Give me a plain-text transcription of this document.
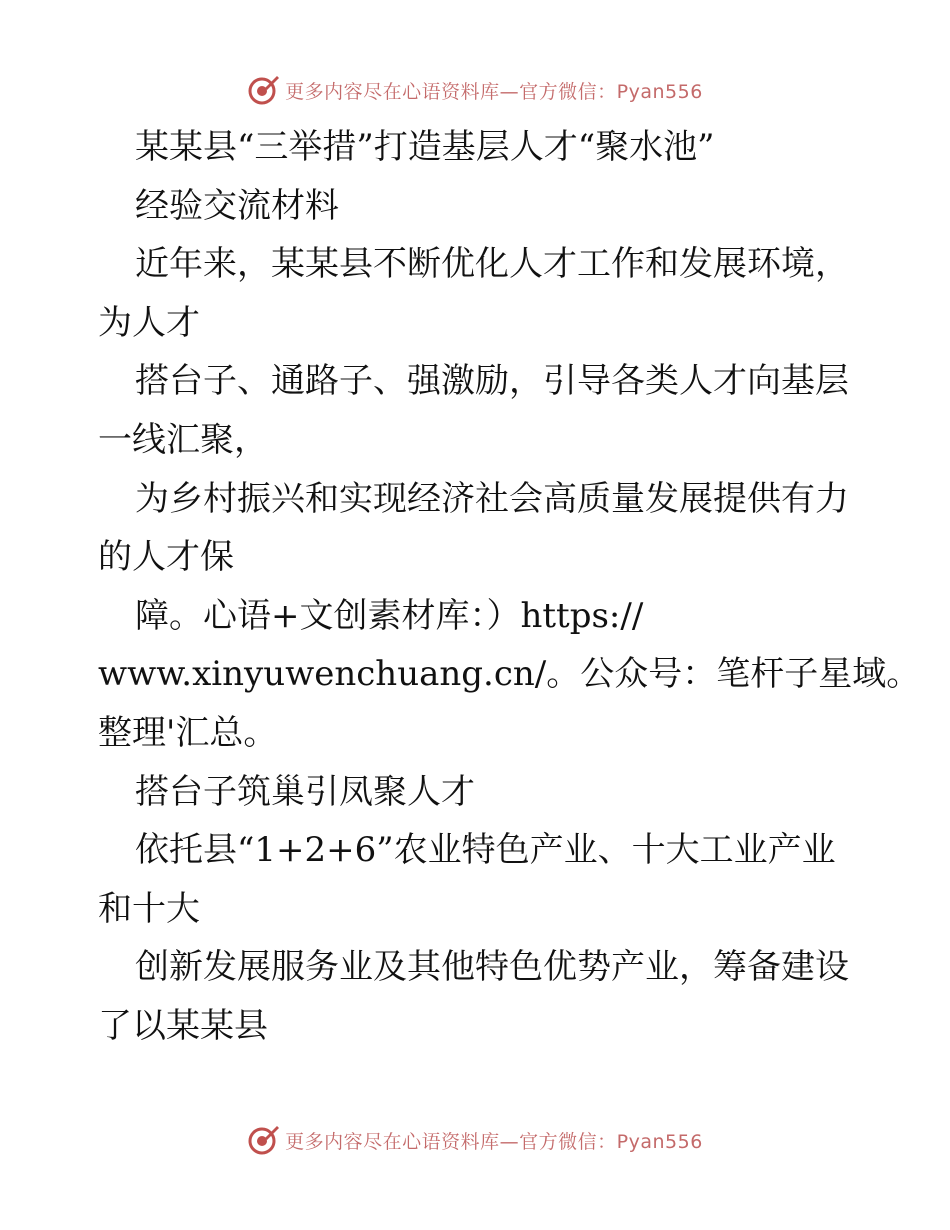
更多内容尽在心语资料库—官方微信：Pyan556
某某县“三举措”打造基层人才“聚水池”
经验交流材料
近年来，某某县不断优化人才工作和发展环境，
为人才
搭台子、通路子、强激励，引导各类人才向基层
一线汇聚，
为乡村振兴和实现经济社会高质量发展提供有力
的人才保
障。心语+文创素材库：）https://
www.xinyuwenchuang.cn/。公众号：笔杆子星域。
整理'汇总。
搭台子筑巢引凤聚人才
依托县“1+2+6”农业特色产业、十大工业产业
和十大
创新发展服务业及其他特色优势产业，筹备建设
了以某某县
更多内容尽在心语资料库—官方微信：Pyan556
